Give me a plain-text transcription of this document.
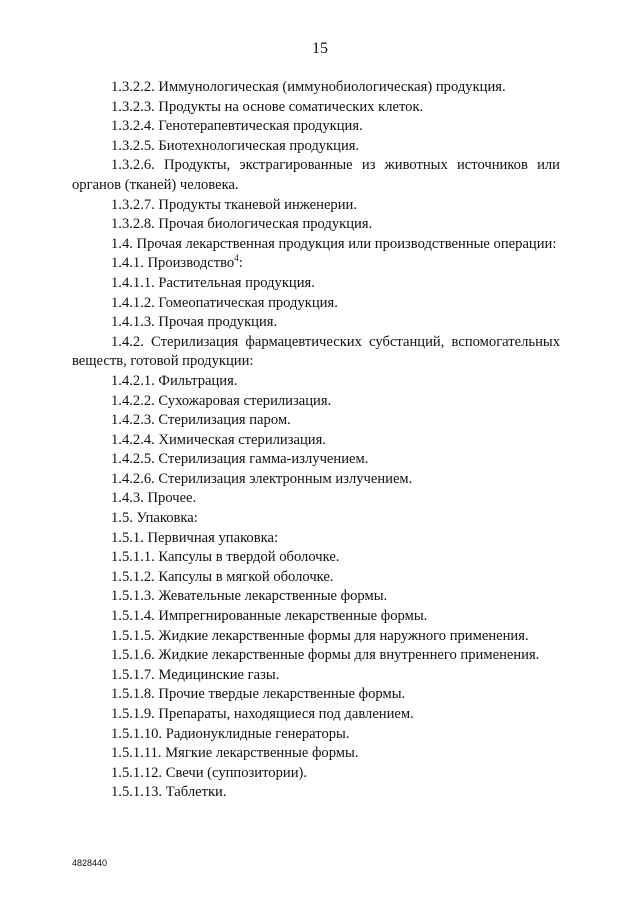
15
1.3.2.2. Иммунологическая (иммунобиологическая) продукция.
1.3.2.3. Продукты на основе соматических клеток.
1.3.2.4. Генотерапевтическая продукция.
1.3.2.5. Биотехнологическая продукция.
1.3.2.6. Продукты, экстрагированные из животных источников или органов (тканей) человека.
1.3.2.7. Продукты тканевой инженерии.
1.3.2.8. Прочая биологическая продукция.
1.4. Прочая лекарственная продукция или производственные операции:
1.4.1. Производство$^4$:
1.4.1.1. Растительная продукция.
1.4.1.2. Гомеопатическая продукция.
1.4.1.3. Прочая продукция.
1.4.2. Стерилизация фармацевтических субстанций, вспомогательных веществ, готовой продукции:
1.4.2.1. Фильтрация.
1.4.2.2. Сухожаровая стерилизация.
1.4.2.3. Стерилизация паром.
1.4.2.4. Химическая стерилизация.
1.4.2.5. Стерилизация гамма-излучением.
1.4.2.6. Стерилизация электронным излучением.
1.4.3. Прочее.
1.5. Упаковка:
1.5.1. Первичная упаковка:
1.5.1.1. Капсулы в твердой оболочке.
1.5.1.2. Капсулы в мягкой оболочке.
1.5.1.3. Жевательные лекарственные формы.
1.5.1.4. Импрегнированные лекарственные формы.
1.5.1.5. Жидкие лекарственные формы для наружного применения.
1.5.1.6. Жидкие лекарственные формы для внутреннего применения.
1.5.1.7. Медицинские газы.
1.5.1.8. Прочие твердые лекарственные формы.
1.5.1.9. Препараты, находящиеся под давлением.
1.5.1.10. Радионуклидные генераторы.
1.5.1.11. Мягкие лекарственные формы.
1.5.1.12. Свечи (суппозитории).
1.5.1.13. Таблетки.
4828440
